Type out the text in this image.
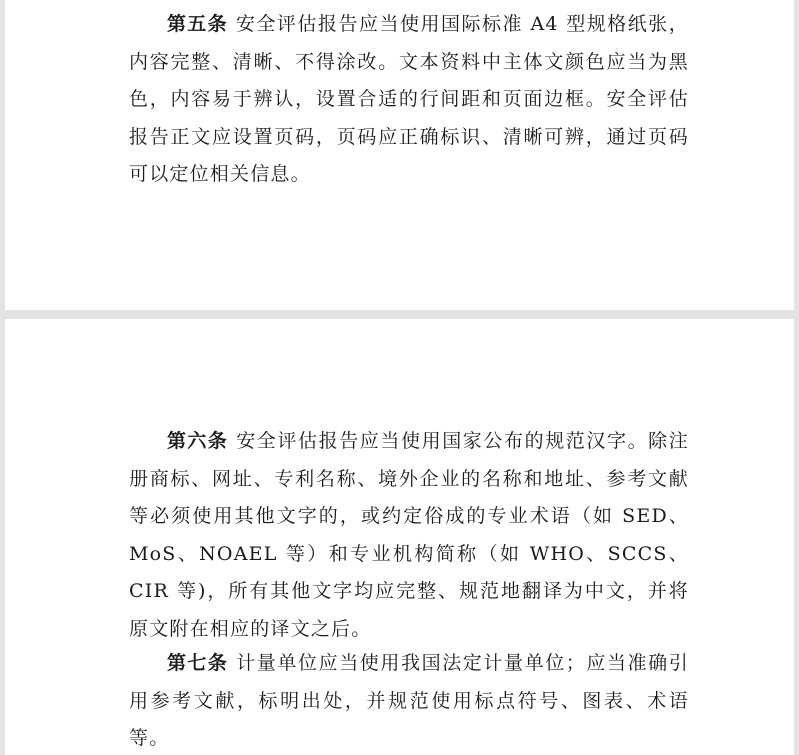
第五条 安全评估报告应当使用国际标准 A4 型规格纸张，内容完整、清晰、不得涂改。文本资料中主体文颜色应当为黑色，内容易于辨认，设置合适的行间距和页面边框。安全评估报告正文应设置页码，页码应正确标识、清晰可辨，通过页码可以定位相关信息。

第六条 安全评估报告应当使用国家公布的规范汉字。除注册商标、网址、专利名称、境外企业的名称和地址、参考文献等必须使用其他文字的，或约定俗成的专业术语（如 SED、MoS、NOAEL 等）和专业机构简称（如 WHO、SCCS、CIR 等)，所有其他文字均应完整、规范地翻译为中文，并将原文附在相应的译文之后。

第七条 计量单位应当使用我国法定计量单位；应当准确引用参考文献，标明出处，并规范使用标点符号、图表、术语等。
